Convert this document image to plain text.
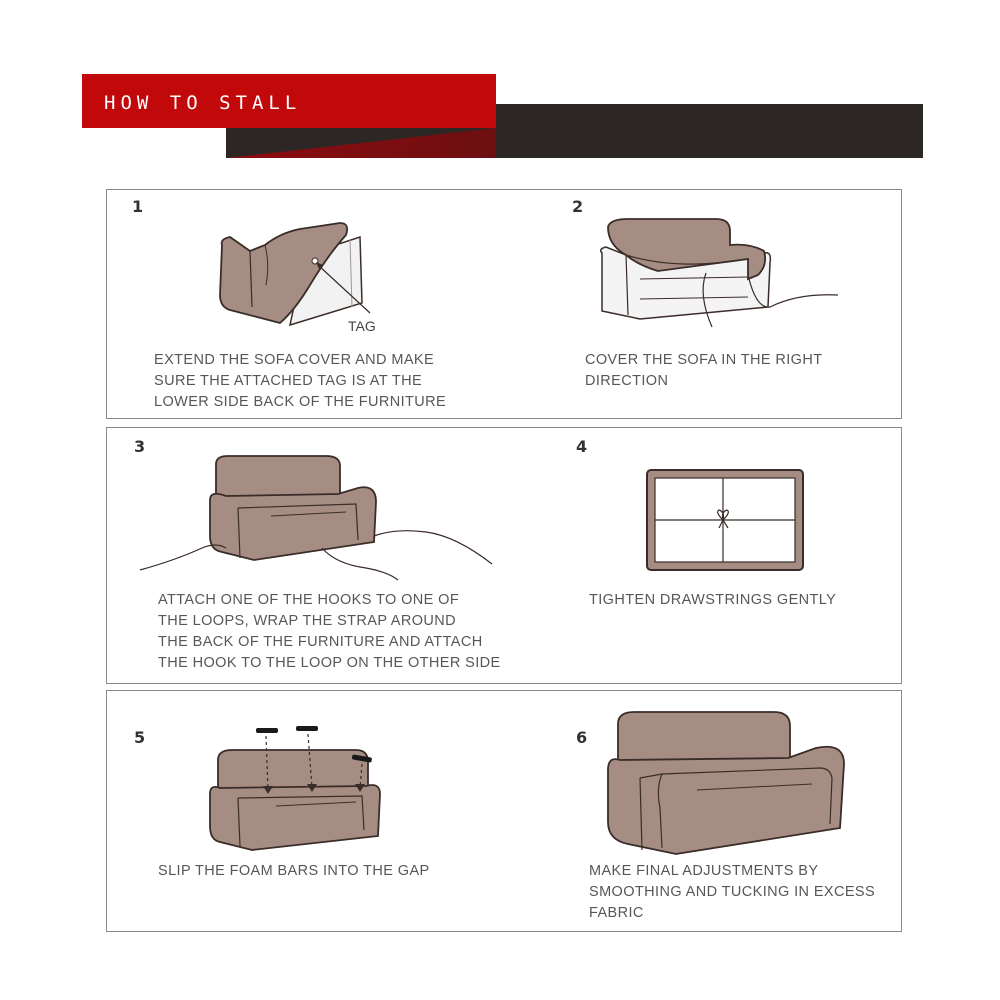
HOW TO STALL
1
TAG
EXTEND THE SOFA COVER AND MAKE
SURE THE ATTACHED TAG IS AT THE
LOWER SIDE BACK OF THE FURNITURE
2
COVER THE SOFA IN THE RIGHT
DIRECTION
3
ATTACH ONE OF THE HOOKS TO ONE OF
THE LOOPS, WRAP THE STRAP AROUND
THE BACK OF THE FURNITURE AND ATTACH
THE HOOK TO THE LOOP ON THE OTHER SIDE
4
TIGHTEN DRAWSTRINGS GENTLY
5
SLIP THE FOAM BARS INTO THE GAP
6
MAKE FINAL ADJUSTMENTS BY
SMOOTHING AND TUCKING IN EXCESS
FABRIC
